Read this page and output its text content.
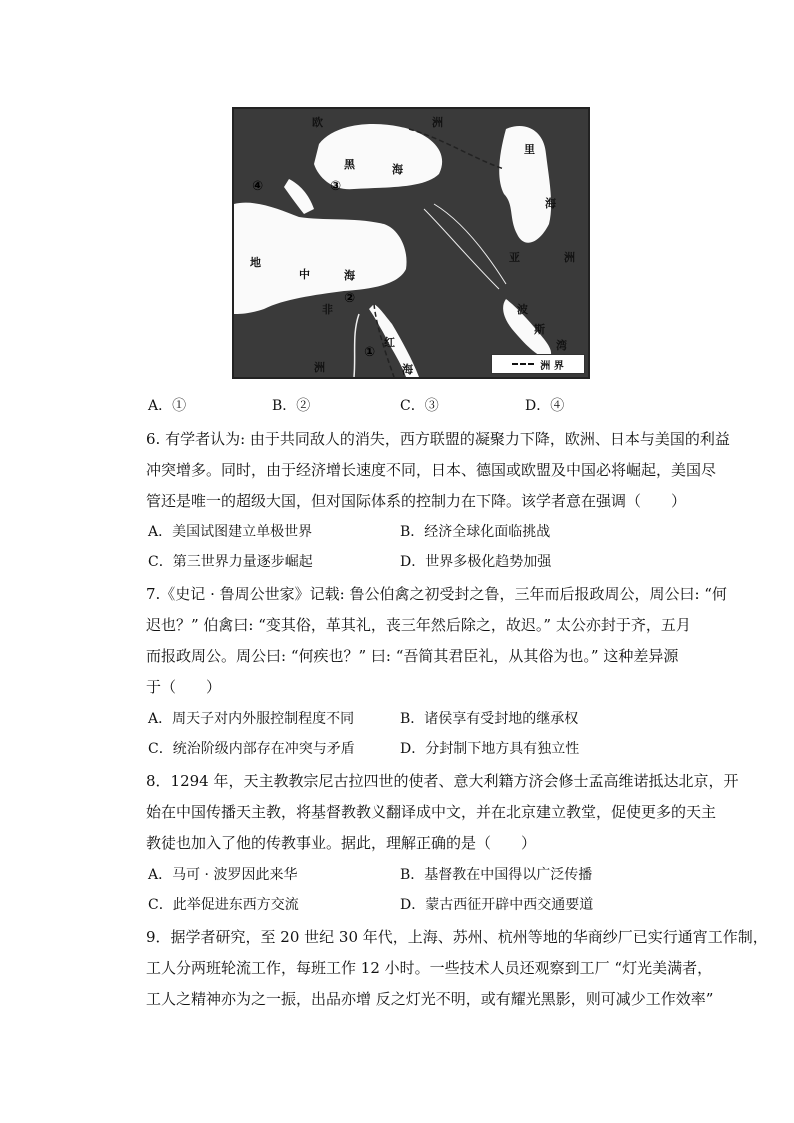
欧	洲
黑	海
里
海
地
中	海
非
洲
亚	洲
波
斯
湾
红
海
①
②
③
④
洲 界
A．①	B．②	C．③	D．④
6. 有学者认为: 由于共同敌人的消失，西方联盟的凝聚力下降，欧洲、日本与美国的利益
冲突增多。同时，由于经济增长速度不同，日本、德国或欧盟及中国必将崛起，美国尽
管还是唯一的超级大国，但对国际体系的控制力在下降。该学者意在强调（　　）
A．美国试图建立单极世界	B．经济全球化面临挑战
C．第三世界力量逐步崛起	D．世界多极化趋势加强
7.《史记 · 鲁周公世家》记载: 鲁公伯禽之初受封之鲁，三年而后报政周公，周公曰: “何
迟也？” 伯禽曰: “变其俗，革其礼，丧三年然后除之，故迟。” 太公亦封于齐，五月
而报政周公。周公曰: “何疾也？” 曰: “吾简其君臣礼，从其俗为也。” 这种差异源
于（　　）
A．周天子对内外服控制程度不同	B．诸侯享有受封地的继承权
C．统治阶级内部存在冲突与矛盾	D．分封制下地方具有独立性
8．1294 年，天主教教宗尼古拉四世的使者、意大利籍方济会修士孟高维诺抵达北京，开
始在中国传播天主教，将基督教教义翻译成中文，并在北京建立教堂，促使更多的天主
教徒也加入了他的传教事业。据此，理解正确的是（　　）
A．马可 · 波罗因此来华	B．基督教在中国得以广泛传播
C．此举促进东西方交流	D．蒙古西征开辟中西交通要道
9．据学者研究，至 20 世纪 30 年代，上海、苏州、杭州等地的华商纱厂已实行通宵工作制，
工人分两班轮流工作，每班工作 12 小时。一些技术人员还观察到工厂 “灯光美满者，
工人之精神亦为之一振，出品亦增 反之灯光不明，或有耀光黑影，则可减少工作效率”
